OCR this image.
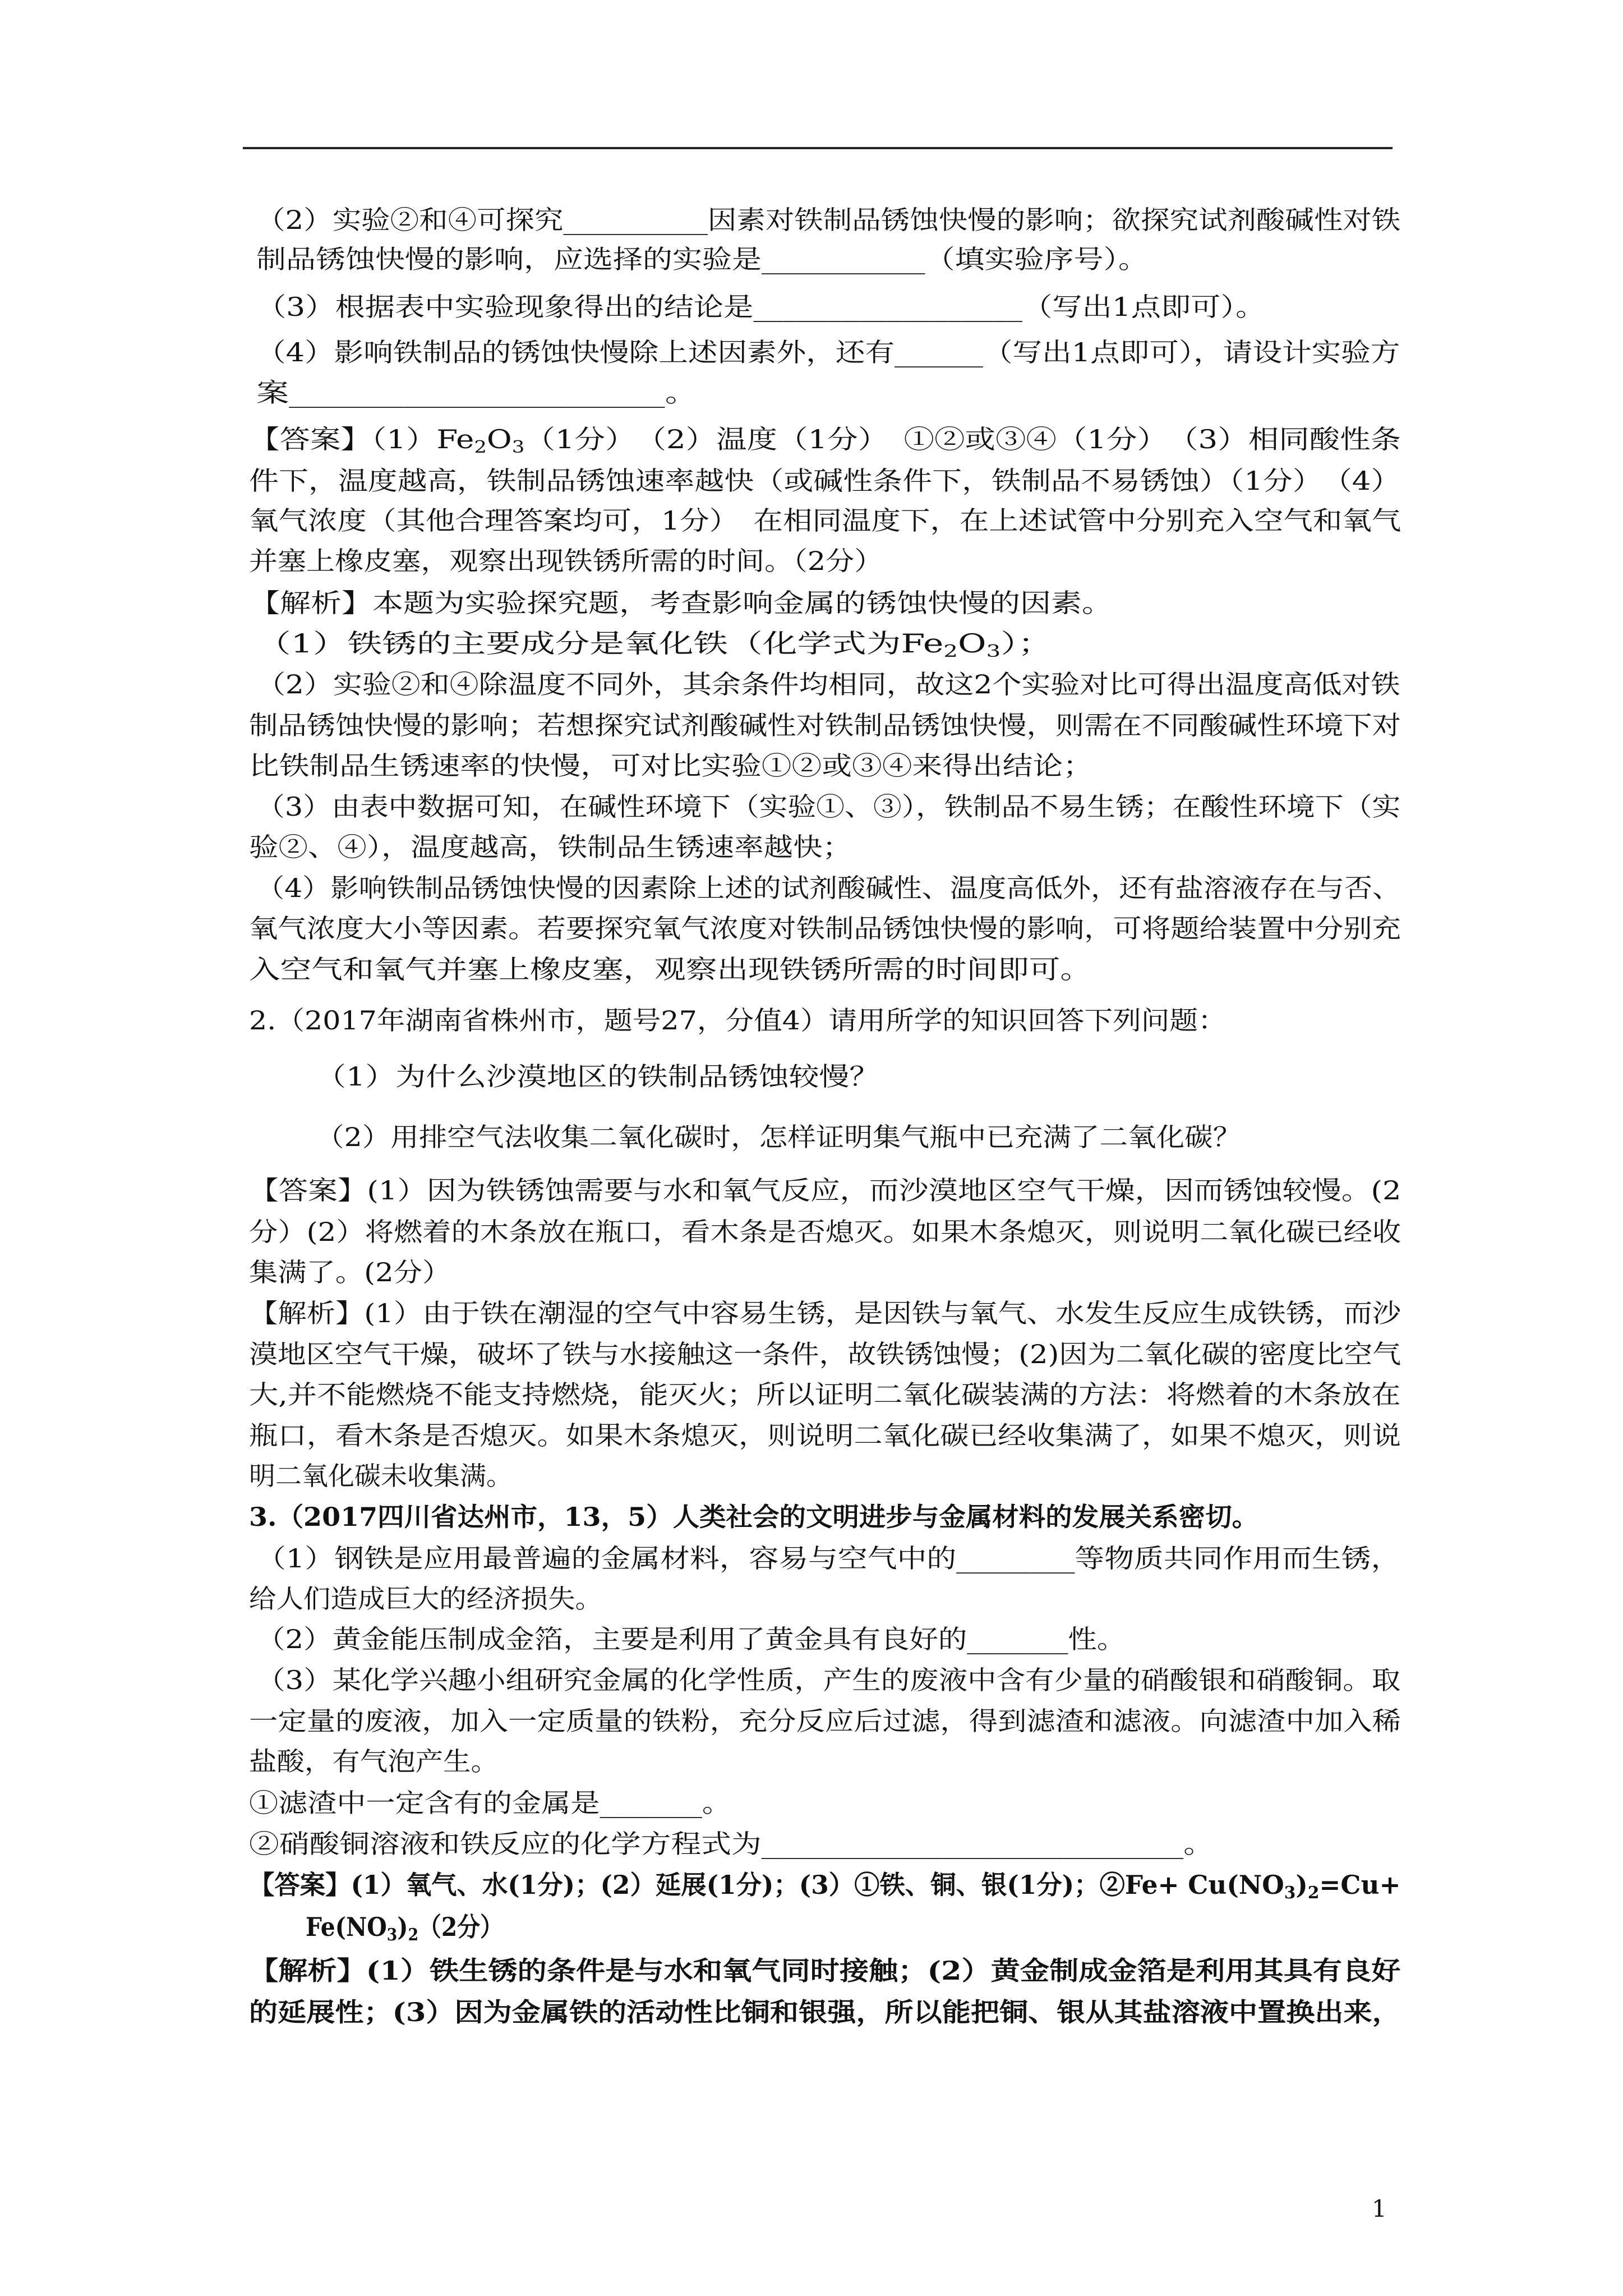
（2）实验②和④可探究__________因素对铁制品锈蚀快慢的影响；欲探究试剂酸碱性对铁
制品锈蚀快慢的影响，应选择的实验是___________（填实验序号）。
（3）根据表中实验现象得出的结论是__________________（写出1点即可）。
（4）影响铁制品的锈蚀快慢除上述因素外，还有______（写出1点即可），请设计实验方
案_______________________。
【答案】$(1)Fe_2O_3(1$分）　（2）温度（1分）　①②或③④（1分）　（3）相同酸性条
件下，温度越高，铁制品锈蚀速率越快（或碱性条件下，铁制品不易锈蚀）（1分）　（4）
氧气浓度（其他合理答案均可，1分）　在相同温度下，在上述试管中分别充入空气和氧气
并塞上橡皮塞，观察出现铁锈所需的时间。（2分）
【解析】本题为实验探究题，考查影响金属的锈蚀快慢的因素。
（1）铁锈的主要成分是氧化铁（化学式为$Fe_2O_3$）；
（2）实验②和④除温度不同外，其余条件均相同，故这2个实验对比可得出温度高低对铁
制品锈蚀快慢的影响；若想探究试剂酸碱性对铁制品锈蚀快慢，则需在不同酸碱性环境下对
比铁制品生锈速率的快慢，可对比实验①②或③④来得出结论；
（3）由表中数据可知，在碱性环境下（实验①、③），铁制品不易生锈；在酸性环境下（实
验②、④），温度越高，铁制品生锈速率越快；
（4）影响铁制品锈蚀快慢的因素除上述的试剂酸碱性、温度高低外，还有盐溶液存在与否、
氧气浓度大小等因素。若要探究氧气浓度对铁制品锈蚀快慢的影响，可将题给装置中分别充
入空气和氧气并塞上橡皮塞，观察出现铁锈所需的时间即可。
2.（2017年湖南省株州市，题号27，分值4）请用所学的知识回答下列问题：
（1）为什么沙漠地区的铁制品锈蚀较慢？
（2）用排空气法收集二氧化碳时，怎样证明集气瓶中已充满了二氧化碳？
【答案】(1）因为铁锈蚀需要与水和氧气反应，而沙漠地区空气干燥，因而锈蚀较慢。(2
分）(2）将燃着的木条放在瓶口，看木条是否熄灭。如果木条熄灭，则说明二氧化碳已经收
集满了。(2分）
【解析】(1）由于铁在潮湿的空气中容易生锈，是因铁与氧气、水发生反应生成铁锈，而沙
漠地区空气干燥，破坏了铁与水接触这一条件，故铁锈蚀慢；(2)因为二氧化碳的密度比空气
大,并不能燃烧不能支持燃烧，能灭火；所以证明二氧化碳装满的方法：将燃着的木条放在
瓶口，看木条是否熄灭。如果木条熄灭，则说明二氧化碳已经收集满了，如果不熄灭，则说
明二氧化碳未收集满。
3.（2017四川省达州市，13，5）人类社会的文明进步与金属材料的发展关系密切。
（1）钢铁是应用最普遍的金属材料，容易与空气中的________等物质共同作用而生锈，
给人们造成巨大的经济损失。
（2）黄金能压制成金箔，主要是利用了黄金具有良好的_______性。
（3）某化学兴趣小组研究金属的化学性质，产生的废液中含有少量的硝酸银和硝酸铜。取
一定量的废液，加入一定质量的铁粉，充分反应后过滤，得到滤渣和滤液。向滤渣中加入稀
盐酸，有气泡产生。
①滤渣中一定含有的金属是_______。
②硝酸铜溶液和铁反应的化学方程式为____________________________。
【答案】(1）氧气、水(1分)；(2）延展(1分)；(3）①铁、铜、银(1分)；②Fe+ $Cu(NO_3)_2=Cu+$
$Fe(NO_3)_2(2$分）
【解析】(1）铁生锈的条件是与水和氧气同时接触；(2）黄金制成金箔是利用其具有良好
的延展性；(3）因为金属铁的活动性比铜和银强，所以能把铜、银从其盐溶液中置换出来，
1
